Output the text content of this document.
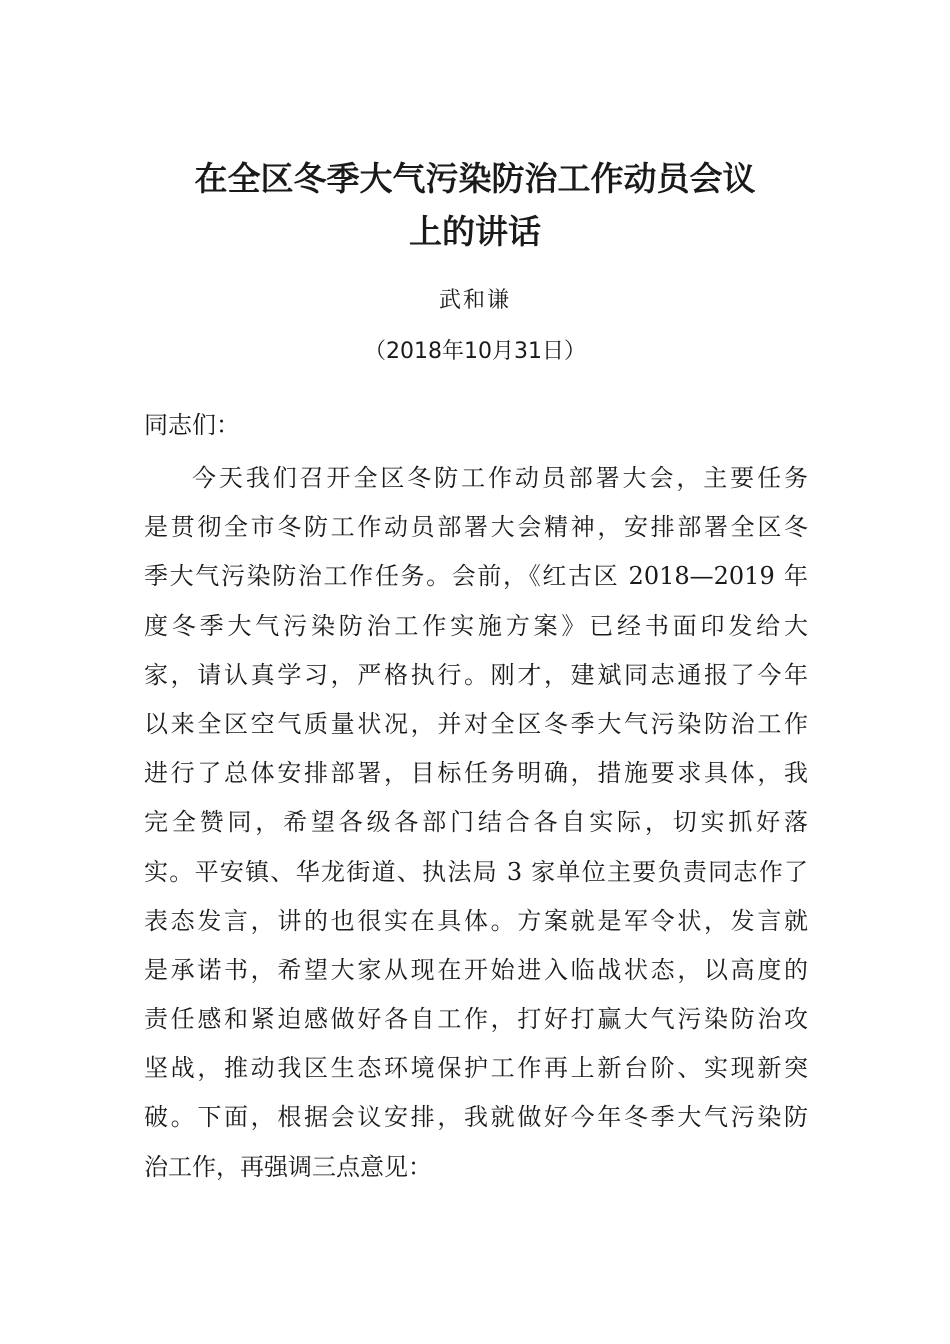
在全区冬季大气污染防治工作动员会议
上的讲话
武和谦
（2018年10月31日）
同志们：
今天我们召开全区冬防工作动员部署大会，主要任务
是贯彻全市冬防工作动员部署大会精神，安排部署全区冬
季大气污染防治工作任务。会前，《红古区 2018—2019 年
度冬季大气污染防治工作实施方案》已经书面印发给大
家，请认真学习，严格执行。刚才，建斌同志通报了今年
以来全区空气质量状况，并对全区冬季大气污染防治工作
进行了总体安排部署，目标任务明确，措施要求具体，我
完全赞同，希望各级各部门结合各自实际，切实抓好落
实。平安镇、华龙街道、执法局 3 家单位主要负责同志作了
表态发言，讲的也很实在具体。方案就是军令状，发言就
是承诺书，希望大家从现在开始进入临战状态，以高度的
责任感和紧迫感做好各自工作，打好打赢大气污染防治攻
坚战，推动我区生态环境保护工作再上新台阶、实现新突
破。下面，根据会议安排，我就做好今年冬季大气污染防
治工作，再强调三点意见：
